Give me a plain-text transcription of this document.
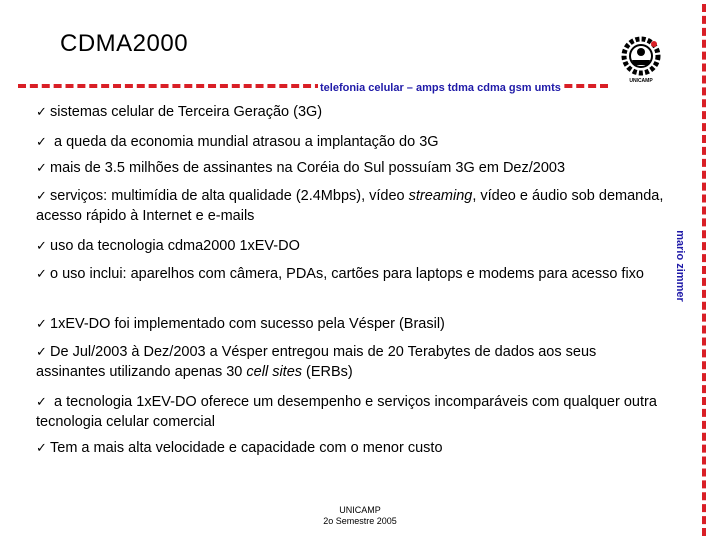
CDMA2000
UNICAMP
telefonia celular – amps tdma cdma gsm umts
mario zimmer
✓ sistemas celular de Terceira Geração (3G)
✓ a queda da economia mundial atrasou a implantação do 3G
✓ mais de 3.5 milhões de assinantes na Coréia do Sul possuíam 3G em Dez/2003
✓ serviços: multimídia de alta qualidade (2.4Mbps), vídeo streaming, vídeo e áudio sob demanda, acesso rápido à Internet e e-mails
✓ uso da tecnologia cdma2000 1xEV-DO
✓ o uso inclui: aparelhos com câmera, PDAs, cartões para laptops e modems para acesso fixo
✓ 1xEV-DO foi implementado com sucesso pela Vésper (Brasil)
✓ De Jul/2003 à Dez/2003 a Vésper entregou mais de 20 Terabytes de dados aos seus assinantes utilizando apenas 30 cell sites (ERBs)
✓ a tecnologia 1xEV-DO oferece um desempenho e serviços incomparáveis com qualquer outra tecnologia celular comercial
✓ Tem a mais alta velocidade e capacidade com o menor custo
UNICAMP
2o Semestre 2005
